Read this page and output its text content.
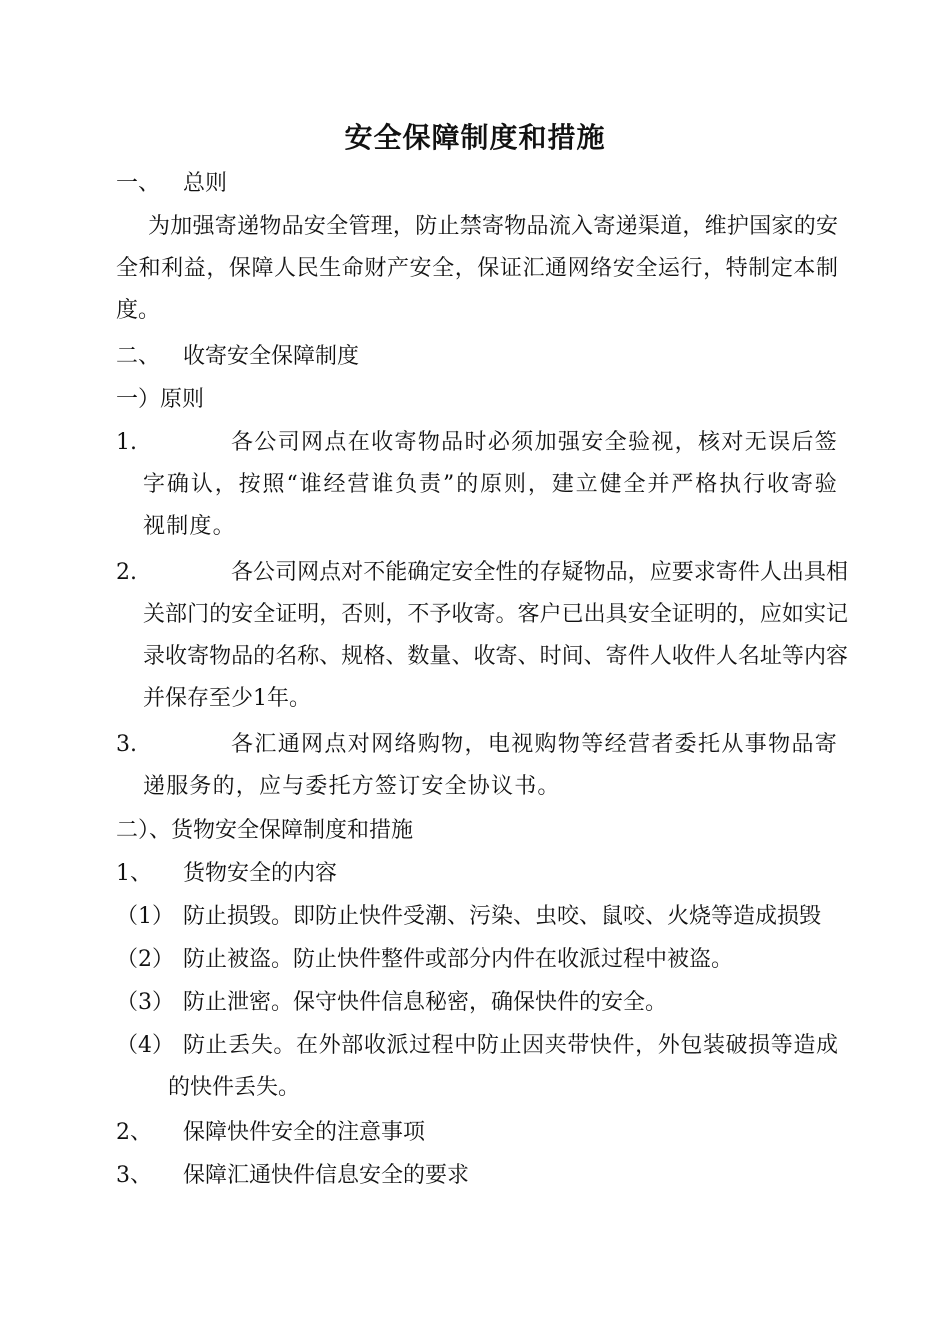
安全保障制度和措施
一、 总则
为加强寄递物品安全管理，防止禁寄物品流入寄递渠道，维护国家的安全和利益，保障人民生命财产安全，保证汇通网络安全运行，特制定本制度。
二、 收寄安全保障制度
一）原则
1.	各公司网点在收寄物品时必须加强安全验视，核对无误后签字确认，按照“谁经营谁负责”的原则，建立健全并严格执行收寄验视制度。
2.	各公司网点对不能确定安全性的存疑物品，应要求寄件人出具相关部门的安全证明，否则，不予收寄。客户已出具安全证明的，应如实记录收寄物品的名称、规格、数量、收寄、时间、寄件人收件人名址等内容并保存至少1年。
3.	各汇通网点对网络购物，电视购物等经营者委托从事物品寄递服务的，应与委托方签订安全协议书。
二）、货物安全保障制度和措施
1、 货物安全的内容
（1） 防止损毁。即防止快件受潮、污染、虫咬、鼠咬、火烧等造成损毁
（2） 防止被盗。防止快件整件或部分内件在收派过程中被盗。
（3） 防止泄密。保守快件信息秘密，确保快件的安全。
（4） 防止丢失。在外部收派过程中防止因夹带快件，外包装破损等造成的快件丢失。
2、 保障快件安全的注意事项
3、 保障汇通快件信息安全的要求
